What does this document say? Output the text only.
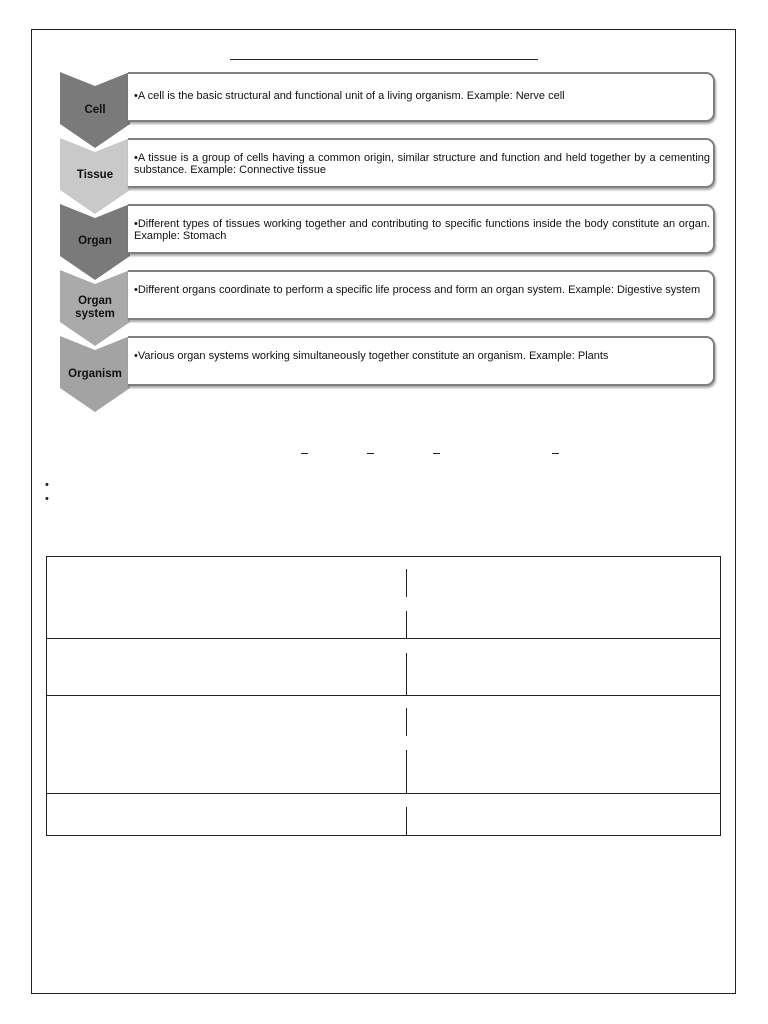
Cell
•A cell is the basic structural and functional unit of a living organism. Example: Nerve cell
Tissue
•A tissue is a group of cells having a common origin, similar structure and function and held together by a cementing substance. Example: Connective tissue
Organ
•Different types of tissues working together and contributing to specific functions inside the body constitute an organ. Example: Stomach
Organ system
•Different organs coordinate to perform a specific life process and form an organ system. Example: Digestive system
Organism
•Various organ systems working simultaneously together constitute an organism. Example: Plants
•
•
